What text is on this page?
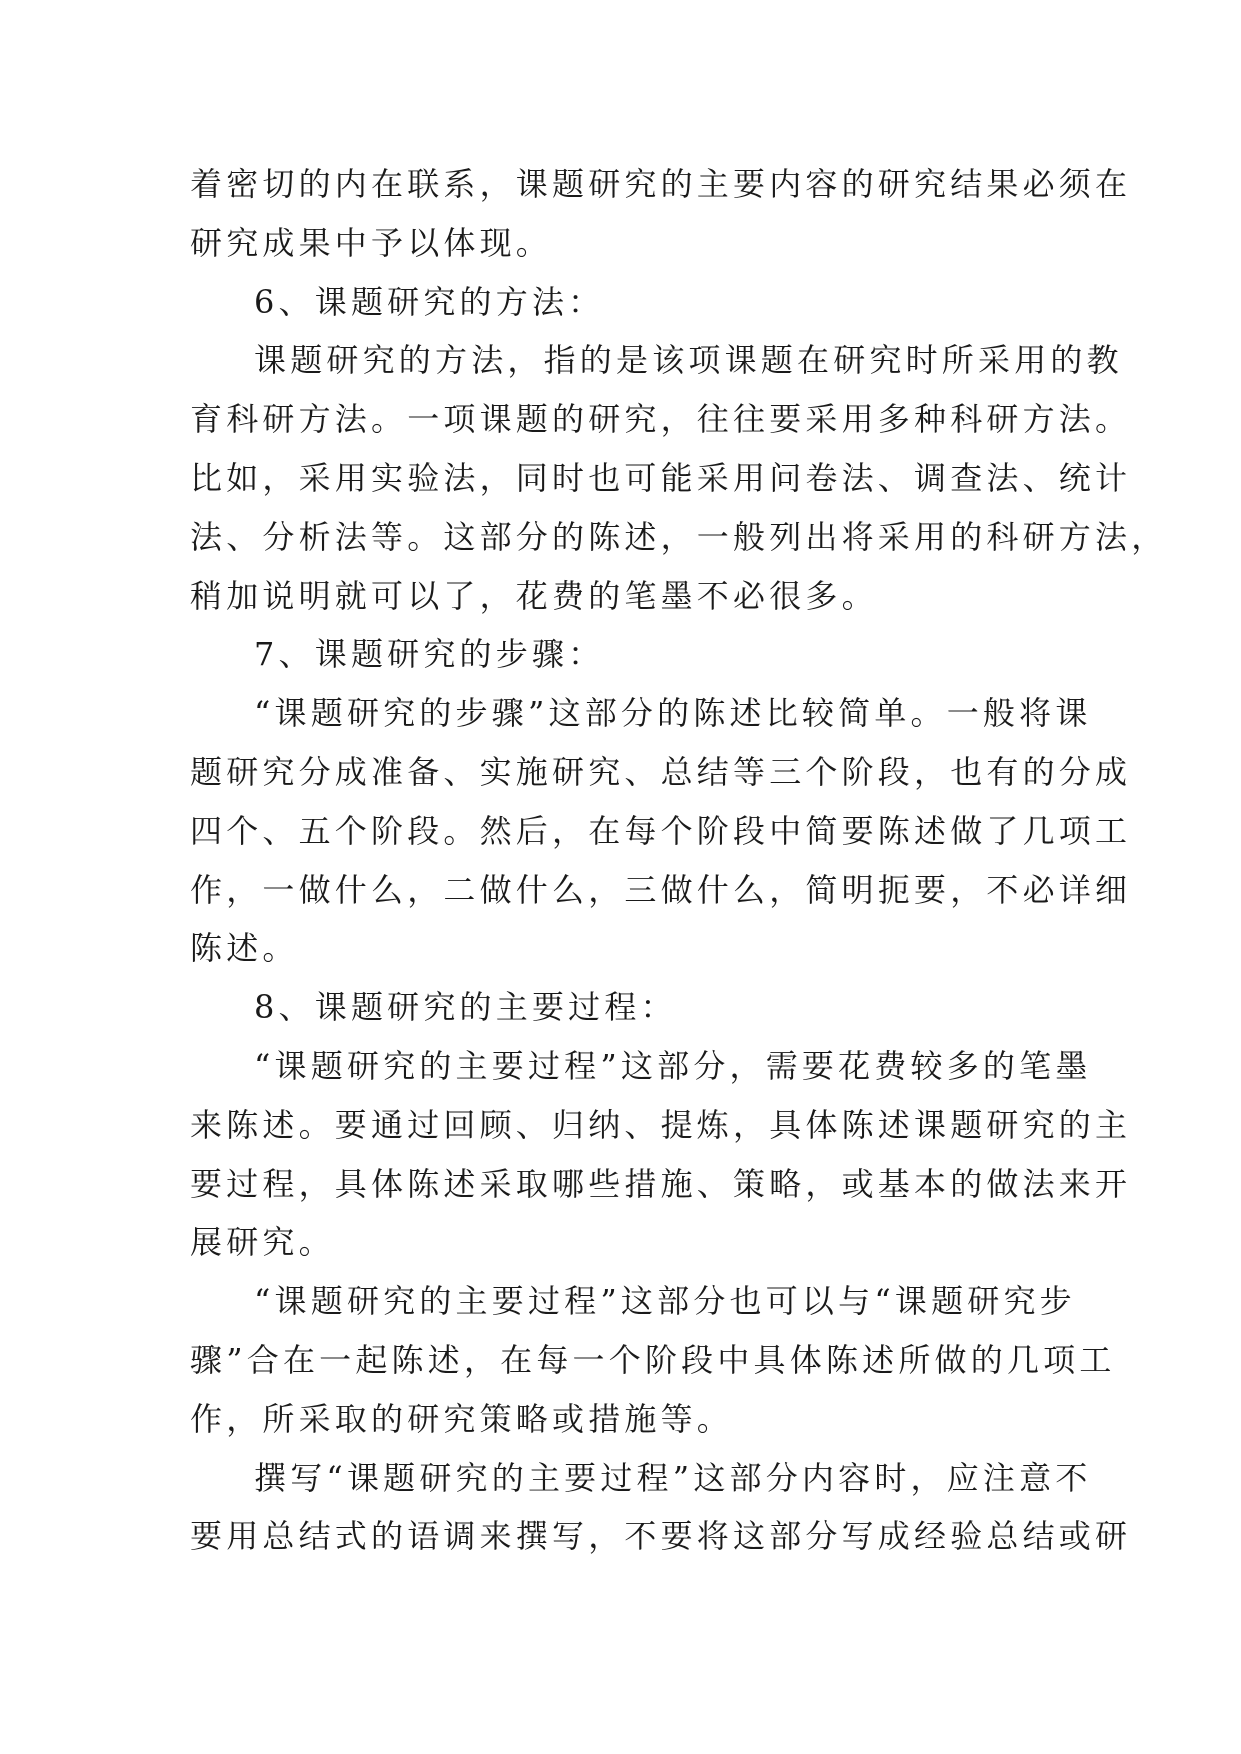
着密切的内在联系，课题研究的主要内容的研究结果必须在
研究成果中予以体现。
6、课题研究的方法：
课题研究的方法，指的是该项课题在研究时所采用的教
育科研方法。一项课题的研究，往往要采用多种科研方法。
比如，采用实验法，同时也可能采用问卷法、调查法、统计
法、分析法等。这部分的陈述，一般列出将采用的科研方法，
稍加说明就可以了，花费的笔墨不必很多。
7、课题研究的步骤：
“课题研究的步骤”这部分的陈述比较简单。一般将课
题研究分成准备、实施研究、总结等三个阶段，也有的分成
四个、五个阶段。然后，在每个阶段中简要陈述做了几项工
作，一做什么，二做什么，三做什么，简明扼要，不必详细
陈述。
8、课题研究的主要过程：
“课题研究的主要过程”这部分，需要花费较多的笔墨
来陈述。要通过回顾、归纳、提炼，具体陈述课题研究的主
要过程，具体陈述采取哪些措施、策略，或基本的做法来开
展研究。
“课题研究的主要过程”这部分也可以与“课题研究步
骤”合在一起陈述，在每一个阶段中具体陈述所做的几项工
作，所采取的研究策略或措施等。
撰写“课题研究的主要过程”这部分内容时，应注意不
要用总结式的语调来撰写，不要将这部分写成经验总结或研
